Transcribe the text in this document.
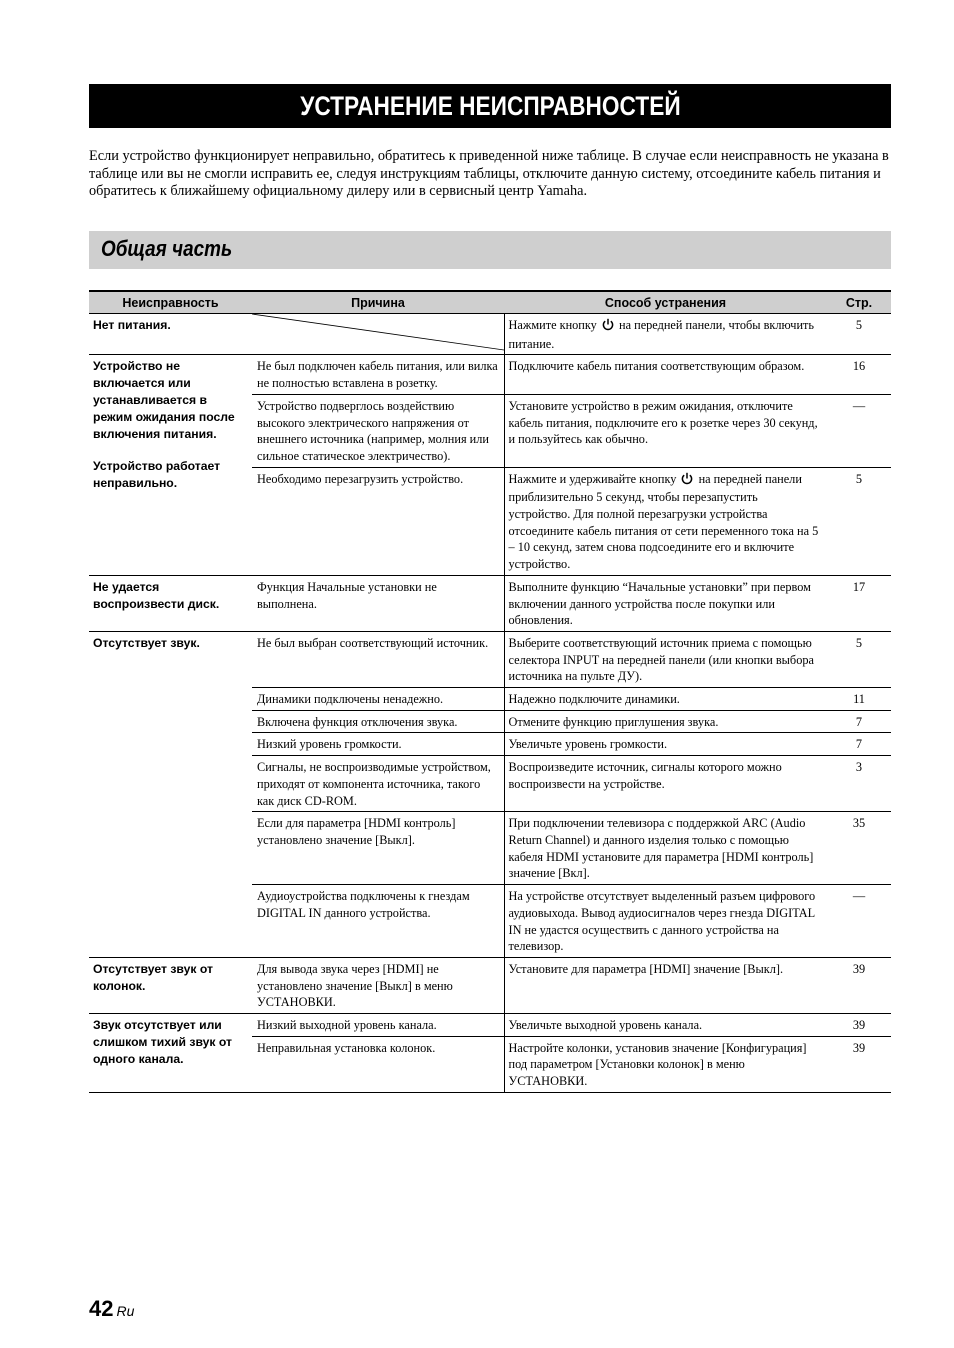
УСТРАНЕНИЕ НЕИСПРАВНОСТЕЙ

Если устройство функционирует неправильно, обратитесь к приведенной ниже таблице. В случае если неисправность не указана в таблице или вы не смогли исправить ее, следуя инструкциям таблицы, отключите данную систему, отсоедините кабель питания и обратитесь к ближайшему официальному дилеру или в сервисный центр Yamaha.

Общая часть
Неисправность	Причина	Способ устранения	Стр.
Нет питания.		Нажмите кнопку на передней панели, чтобы включить питание.	5

Устройство не включается или устанавливается в режим ожидания после включения питания.
Устройство работает неправильно.	Не был подключен кабель питания, или вилка не полностью вставлена в розетку.	Подключите кабель питания соответствующим образом.	16
	Устройство подверглось воздействию высокого электрического напряжения от внешнего источника (например, молния или сильное статическое электричество).	Установите устройство в режим ожидания, отключите кабель питания, подключите его к розетке через 30 секунд, и пользуйтесь как обычно.	—
	Необходимо перезагрузить устройство.	Нажмите и удерживайте кнопку на передней панели приблизительно 5 секунд, чтобы перезапустить устройство. Для полной перезагрузки устройства отсоедините кабель питания от сети переменного тока на 5 – 10 секунд, затем снова подсоедините его и включите устройство.	5
Не удается воспроизвести диск.	Функция Начальные установки не выполнена.	Выполните функцию “Начальные установки” при первом включении данного устройства после покупки или обновления.	17
Отсутствует звук.	Не был выбран соответствующий источник.	Выберите соответствующий источник приема с помощью селектора INPUT на передней панели (или кнопки выбора источника на пульте ДУ).	5
	Динамики подключены ненадежно.	Надежно подключите динамики.	11
	Включена функция отключения звука.	Отмените функцию приглушения звука.	7
	Низкий уровень громкости.	Увеличьте уровень громкости.	7
	Сигналы, не воспроизводимые устройством, приходят от компонента источника, такого как диск CD-ROM.	Воспроизведите источник, сигналы которого можно воспроизвести на устройстве.	3
	Если для параметра [HDMI контроль] установлено значение [Выкл].	При подключении телевизора с поддержкой ARC (Audio Return Channel) и данного изделия только с помощью кабеля HDMI установите для параметра [HDMI контроль] значение [Вкл].	35
	Аудиоустройства подключены к гнездам DIGITAL IN данного устройства.	На устройстве отсутствует выделенный разъем цифрового аудиовыхода. Вывод аудиосигналов через гнезда DIGITAL IN не удастся осуществить с данного устройства на телевизор.	—
Отсутствует звук от колонок.	Для вывода звука через [HDMI] не установлено значение [Выкл] в меню УСТАНОВКИ.	Установите для параметра [HDMI] значение [Выкл].	39
Звук отсутствует или слишком тихий звук от одного канала.	Низкий выходной уровень канала.	Увеличьте выходной уровень канала.	39
	Неправильная установка колонок.	Настройте колонки, установив значение [Конфигурация] под параметром [Установки колонок] в меню УСТАНОВКИ.	39
42 Ru
